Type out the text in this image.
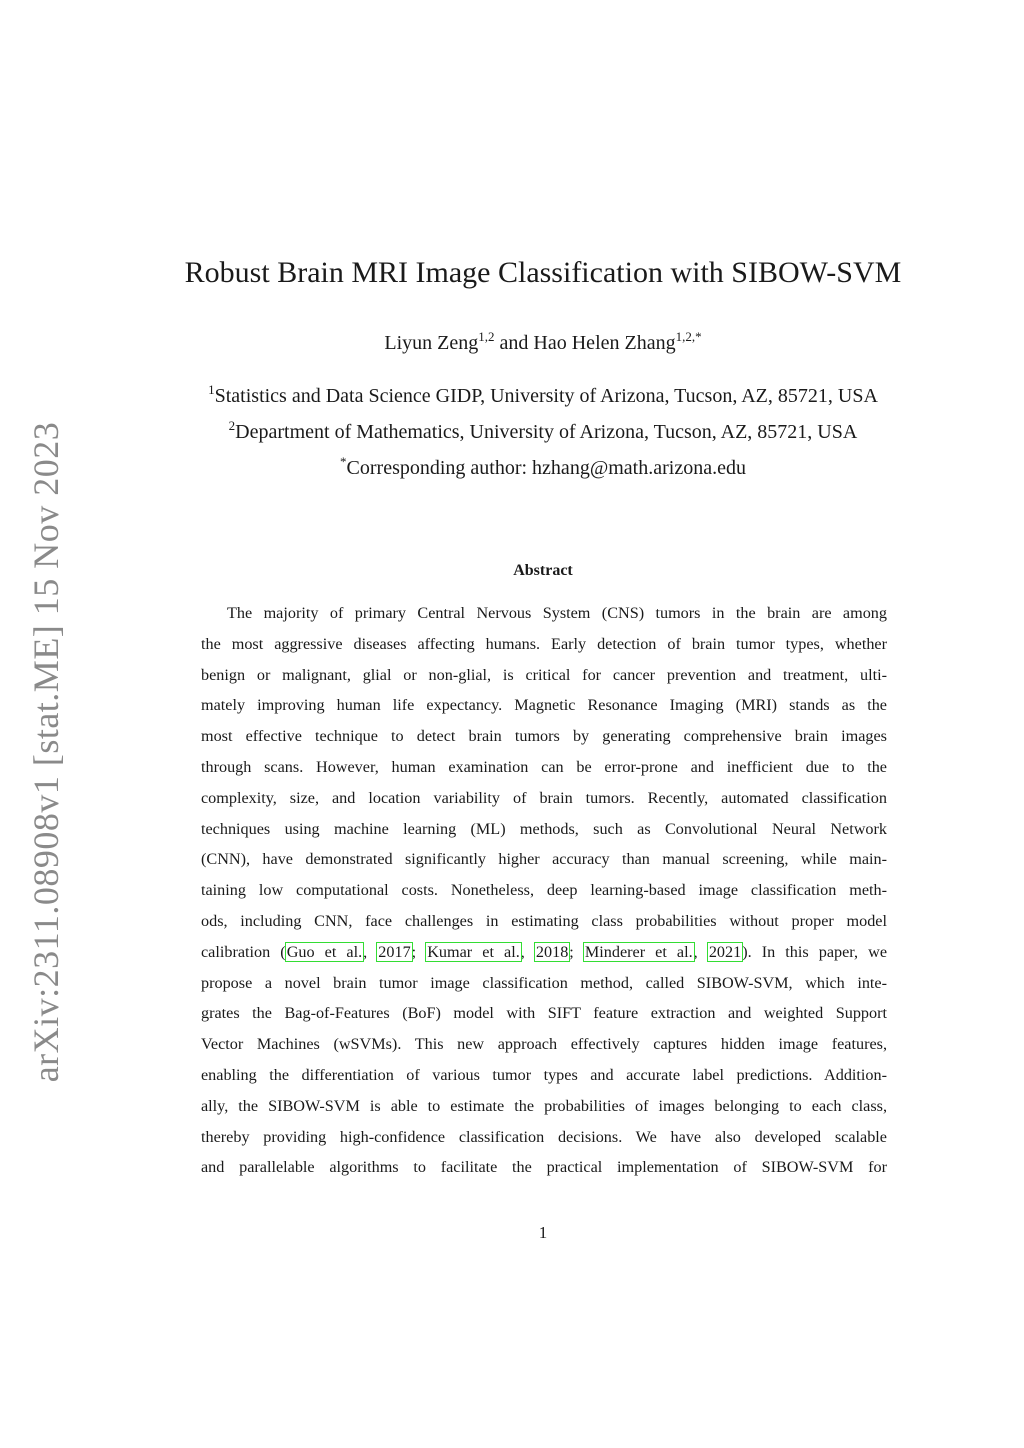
arXiv:2311.08908v1 [stat.ME] 15 Nov 2023
Robust Brain MRI Image Classification with SIBOW-SVM
Liyun Zeng$^{1,2}$ and Hao Helen Zhang$^{1,2,*}$
$^1$Statistics and Data Science GIDP, University of Arizona, Tucson, AZ, 85721, USA
$^2$Department of Mathematics, University of Arizona, Tucson, AZ, 85721, USA
*Corresponding author: hzhang@math.arizona.edu
Abstract
The majority of primary Central Nervous System (CNS) tumors in the brain are among
the most aggressive diseases affecting humans. Early detection of brain tumor types, whether
benign or malignant, glial or non-glial, is critical for cancer prevention and treatment, ulti-
mately improving human life expectancy. Magnetic Resonance Imaging (MRI) stands as the
most effective technique to detect brain tumors by generating comprehensive brain images
through scans. However, human examination can be error-prone and inefficient due to the
complexity, size, and location variability of brain tumors. Recently, automated classification
techniques using machine learning (ML) methods, such as Convolutional Neural Network
(CNN), have demonstrated significantly higher accuracy than manual screening, while main-
taining low computational costs. Nonetheless, deep learning-based image classification meth-
ods, including CNN, face challenges in estimating class probabilities without proper model
calibration (Guo et al., 2017; Kumar et al., 2018; Minderer et al., 2021). In this paper, we
propose a novel brain tumor image classification method, called SIBOW-SVM, which inte-
grates the Bag-of-Features (BoF) model with SIFT feature extraction and weighted Support
Vector Machines (wSVMs). This new approach effectively captures hidden image features,
enabling the differentiation of various tumor types and accurate label predictions. Addition-
ally, the SIBOW-SVM is able to estimate the probabilities of images belonging to each class,
thereby providing high-confidence classification decisions. We have also developed scalable
and parallelable algorithms to facilitate the practical implementation of SIBOW-SVM for
1
